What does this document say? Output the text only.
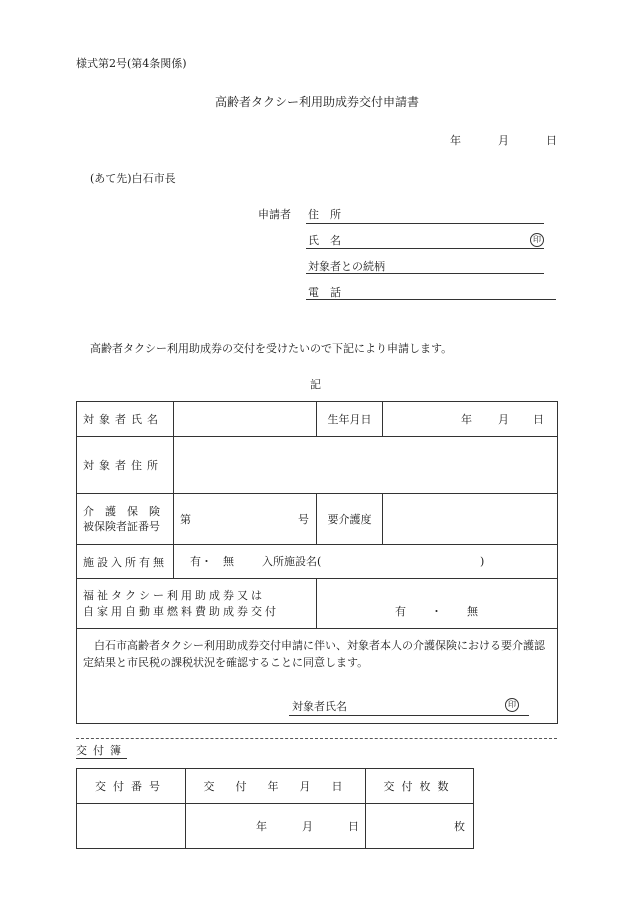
様式第2号(第4条関係)
高齢者タクシー利用助成券交付申請書
年	月	日
(あて先)白石市長
申請者 住　所
氏　名	印
対象者との続柄
電　話
高齢者タクシー利用助成券の交付を受けたいので下記により申請します。
記
対象者氏名		生年月日	年 月 日

対象者住所			
介　護　保　険
被保険者証番号	第 号	要介護度	
施設入所有無	有・　無 入所施設名( )		

福祉タクシー利用助成券又は
自家用自動車燃料費助成券交付		有 ・ 無	

白石市高齢者タクシー利用助成券交付申請に伴い、対象者本人の介護保険における要介護認定結果と市民税の課税状況を確認することに同意します。
対象者氏名 印			
交付簿
交付番号	交　付　年　月　日	交付枚数

	年 月 日	枚
